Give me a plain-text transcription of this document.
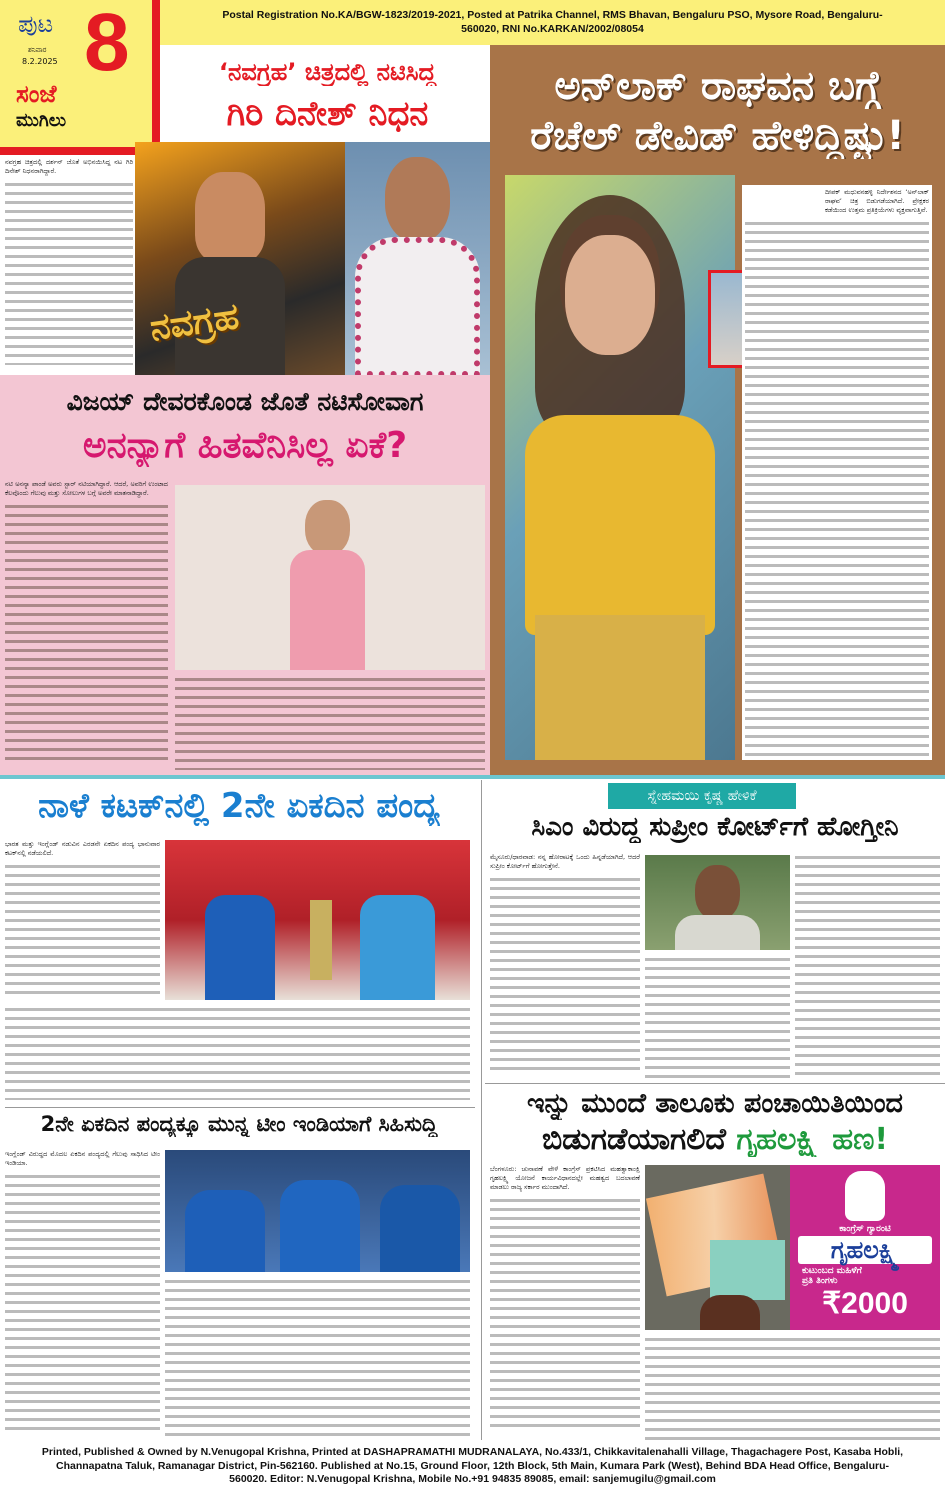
ಪುಟ 8
ಶನಿವಾರ
8.2.2025
ಸಂಜೆ
ಮುಗಿಲು
Postal Registration No.KA/BGW-1823/2019-2021, Posted at Patrika Channel, RMS Bhavan, Bengaluru PSO, Mysore Road, Bengaluru- 560020, RNI No.KARKAN/2002/08054
‘ನವಗ್ರಹ’ ಚಿತ್ರದಲ್ಲಿ ನಟಿಸಿದ್ದ
ಗಿರಿ ದಿನೇಶ್ ನಿಧನ
ನವಗ್ರಹ ಚಿತ್ರದಲ್ಲಿ ದರ್ಶನ್ ಜೊತೆ ಅಭಿನಯಿಸಿದ್ದ ನಟ ಗಿರಿ ದಿನೇಶ್ ನಿಧನರಾಗಿದ್ದಾರೆ.
ನವಗ್ರಹ
ಅನ್‌ಲಾಕ್ ರಾಘವನ ಬಗ್ಗೆ
ರೆಚೆಲ್ ಡೇವಿಡ್ ಹೇಳಿದ್ದಿಷ್ಟು!
ದೀಪಕ್ ಮಧುವನಹಳ್ಳಿ ನಿರ್ದೇಶನದ ‘ಅನ್‌ಲಾಕ್ ರಾಘವ’ ಚಿತ್ರ ಬಿಡುಗಡೆಯಾಗಿದೆ. ಪ್ರೇಕ್ಷಕರ ಕಡೆಯಿಂದ ಉತ್ತಮ ಪ್ರತಿಕ್ರಿಯೆಗಳು ವ್ಯಕ್ತವಾಗುತ್ತಿವೆ.
ವಿಜಯ್ ದೇವರಕೊಂಡ ಜೊತೆ ನಟಿಸೋವಾಗ
ಅನನ್ಯಾಗೆ ಹಿತವೆನಿಸಿಲ್ಲ ಏಕೆ?
ನಟಿ ಅನನ್ಯಾ ಪಾಂಡೆ ಅವರು ಸ್ಟಾರ್ ನಟಿಯಾಗಿದ್ದಾರೆ. ಆದರೆ, ಅವರಿಗೆ ಉಂಟಾದ ಕೆಲವೊಂದು ಗೆಲುವು ಮತ್ತು ಸೋಲುಗಳ ಬಗ್ಗೆ ಅವರೇ ಮಾತನಾಡಿದ್ದಾರೆ.
ನಾಳೆ ಕಟಕ್‌ನಲ್ಲಿ 2ನೇ ಏಕದಿನ ಪಂದ್ಯ
ಭಾರತ ಮತ್ತು ಇಂಗ್ಲೆಂಡ್ ನಡುವಿನ ಎರಡನೇ ಏಕದಿನ ಪಂದ್ಯ ಭಾನುವಾರ ಕಟಕ್‌ನಲ್ಲಿ ನಡೆಯಲಿದೆ.
2ನೇ ಏಕದಿನ ಪಂದ್ಯಕ್ಕೂ ಮುನ್ನ ಟೀಂ ಇಂಡಿಯಾಗೆ ಸಿಹಿಸುದ್ದಿ
ಇಂಗ್ಲೆಂಡ್ ವಿರುದ್ಧದ ಮೊದಲ ಏಕದಿನ ಪಂದ್ಯದಲ್ಲಿ ಗೆಲುವು ಸಾಧಿಸಿದ ಟೀಂ ಇಂಡಿಯಾ.
ಸ್ನೇಹಮಯಿ ಕೃಷ್ಣ ಹೇಳಿಕೆ
ಸಿಎಂ ವಿರುದ್ಧ ಸುಪ್ರೀಂ ಕೋರ್ಟ್‌ಗೆ ಹೋಗ್ತೀನಿ
ಮೈಸೂರು/ಧಾರವಾಡ: ನನ್ನ ಹೋರಾಟಕ್ಕೆ ಒಂದು ಹಿನ್ನಡೆಯಾಗಿದೆ, ಆದರೆ ಸುಪ್ರೀಂ ಕೋರ್ಟ್‌ಗೆ ಹೋಗುತ್ತೇನೆ.
ಇನ್ನು ಮುಂದೆ ತಾಲೂಕು ಪಂಚಾಯಿತಿಯಿಂದ
ಬಿಡುಗಡೆಯಾಗಲಿದೆ ಗೃಹಲಕ್ಷ್ಮಿ ಹಣ!
ಬೆಂಗಳೂರು: ಚುನಾವಣೆ ವೇಳೆ ಕಾಂಗ್ರೆಸ್ ಪ್ರಕಟಿಸಿದ ಮಹತ್ವಾಕಾಂಕ್ಷಿ ಗೃಹಲಕ್ಷ್ಮಿ ಯೋಜನೆ ಕಾರ್ಯವಿಧಾನದಲ್ಲೇ ಮಹತ್ವದ ಬದಲಾವಣೆ ಮಾಡಲು ರಾಜ್ಯ ಸರ್ಕಾರ ಮುಂದಾಗಿದೆ.
ಕಾಂಗ್ರೆಸ್ ಗ್ಯಾರಂಟಿ
ಗೃಹಲಕ್ಷ್ಮಿ
ಕುಟುಂಬದ ಮಹಿಳೆಗೆ
ಪ್ರತಿ ತಿಂಗಳು
₹2000
Printed, Published & Owned by N.Venugopal Krishna, Printed at DASHAPRAMATHI MUDRANALAYA, No.433/1, Chikkavitalenahalli Village, Thagachagere Post, Kasaba Hobli, Channapatna Taluk, Ramanagar District, Pin-562160. Published at No.15, Ground Floor, 12th Block, 5th Main, Kumara Park (West), Behind BDA Head Office, Bengaluru-560020. Editor: N.Venugopal Krishna, Mobile No.+91 94835 89085, email: sanjemugilu@gmail.com
